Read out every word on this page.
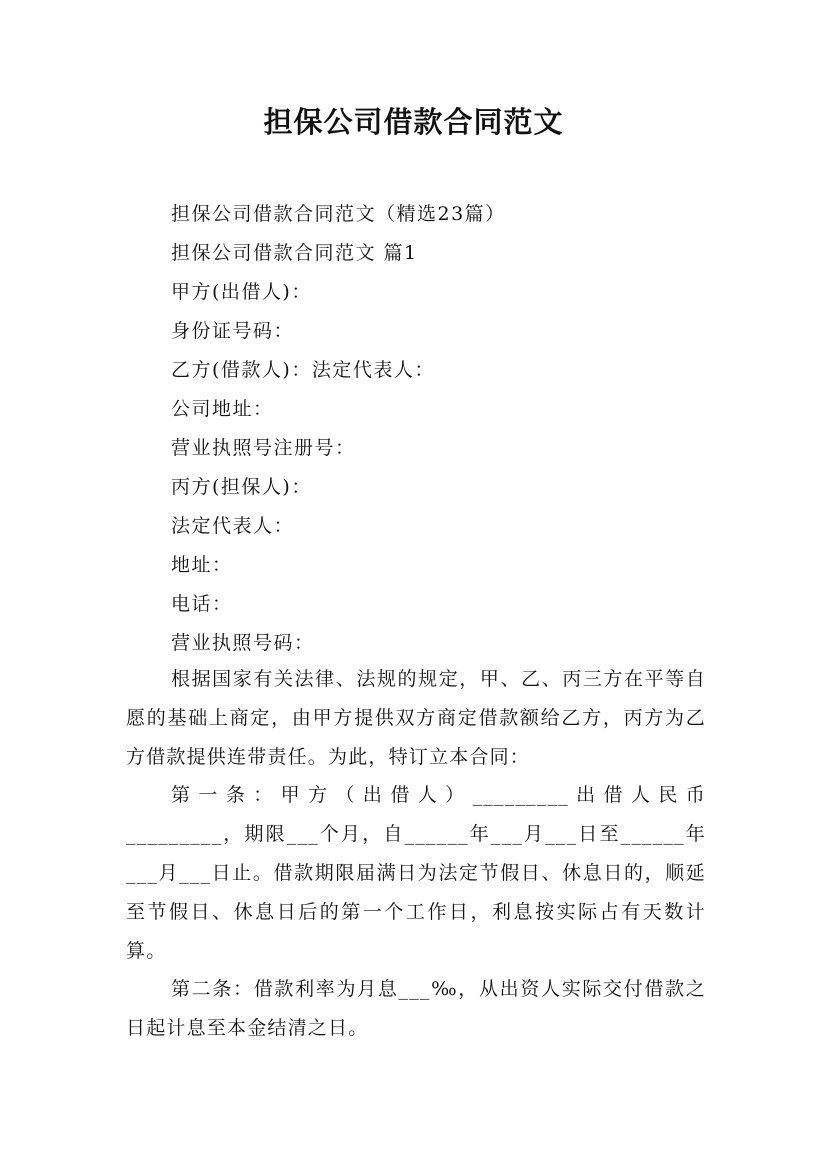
担保公司借款合同范文
担保公司借款合同范文（精选23篇）
担保公司借款合同范文 篇1
甲方(出借人)：
身份证号码：
乙方(借款人)：法定代表人：
公司地址：
营业执照号注册号：
丙方(担保人)：
法定代表人：
地址：
电话：
营业执照号码：
根据国家有关法律、法规的规定，甲、乙、丙三方在平等自愿的基础上商定，由甲方提供双方商定借款额给乙方，丙方为乙方借款提供连带责任。为此，特订立本合同：
第一条：甲方（出借人）_________出借人民币_________，期限___个月，自______年___月___日至______年___月___日止。借款期限届满日为法定节假日、休息日的，顺延至节假日、休息日后的第一个工作日，利息按实际占有天数计算。
第二条：借款利率为月息___‰，从出资人实际交付借款之日起计息至本金结清之日。
